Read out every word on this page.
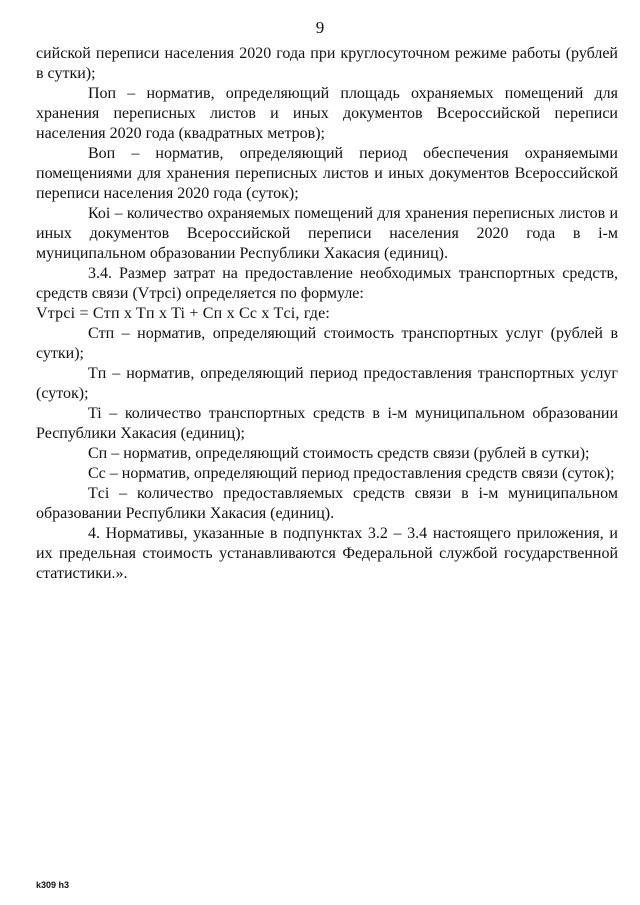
9

сийской переписи населения 2020 года при круглосуточном режиме работы (рублей в сутки);

Поп – норматив, определяющий площадь охраняемых помещений для хранения переписных листов и иных документов Всероссийской переписи населения 2020 года (квадратных метров);

Воп – норматив, определяющий период обеспечения охраняемыми помещениями для хранения переписных листов и иных документов Всероссийской переписи населения 2020 года (суток);

Коi – количество охраняемых помещений для хранения переписных листов и иных документов Всероссийской переписи населения 2020 года в i-м муниципальном образовании Республики Хакасия (единиц).

3.4. Размер затрат на предоставление необходимых транспортных средств, средств связи (Vтрсi) определяется по формуле:

Vтрсi = Cтп x Tп x Ti + Cп x Cс x Tсi, где:

Cтп – норматив, определяющий стоимость транспортных услуг (рублей в сутки);

Tп – норматив, определяющий период предоставления транспортных услуг (суток);

Ti – количество транспортных средств в i-м муниципальном образовании Республики Хакасия (единиц);

Cп – норматив, определяющий стоимость средств связи (рублей в сутки);

Cс – норматив, определяющий период предоставления средств связи (суток);

Tсi – количество предоставляемых средств связи в i-м муниципальном образовании Республики Хакасия (единиц).

4. Нормативы, указанные в подпунктах 3.2 – 3.4 настоящего приложения, и их предельная стоимость устанавливаются Федеральной службой государственной статистики.».

k309 h3
